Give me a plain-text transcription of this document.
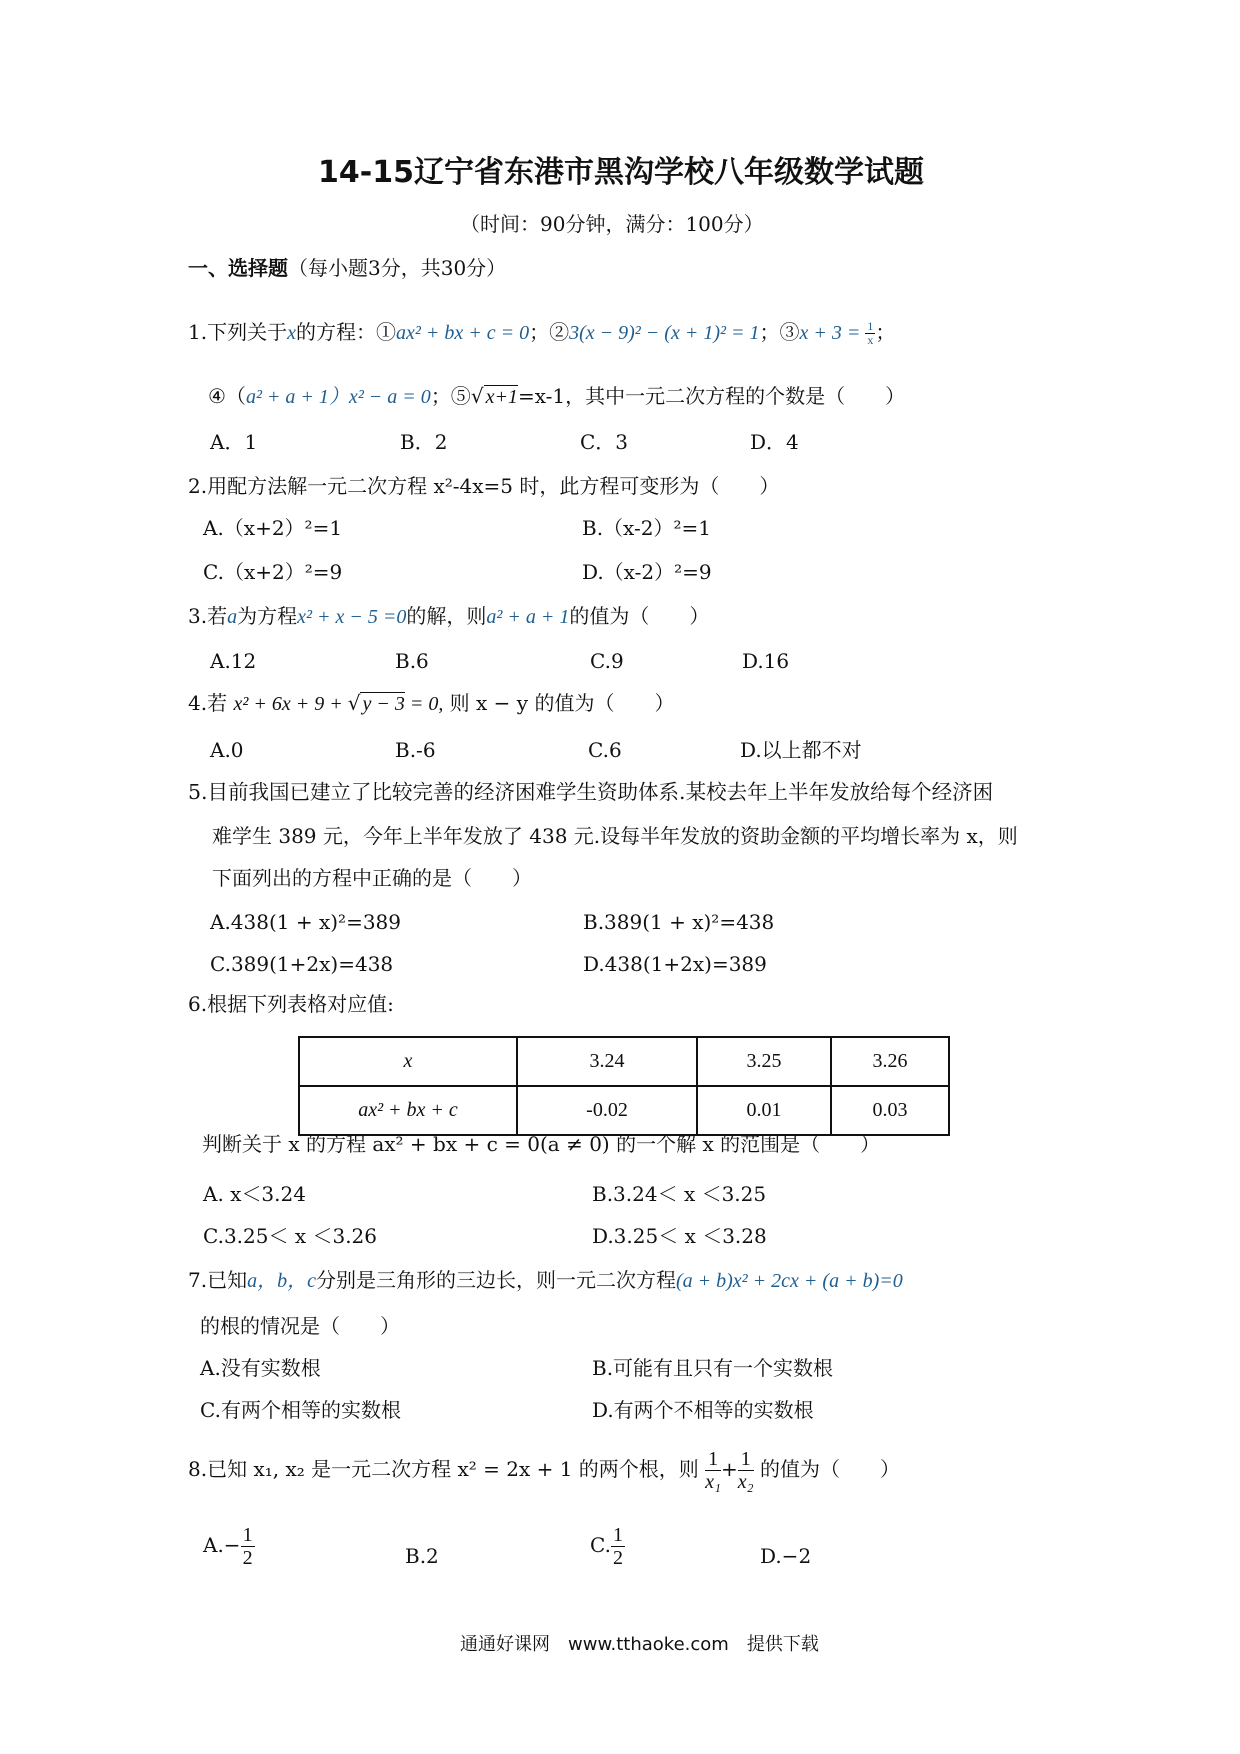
14-15辽宁省东港市黑沟学校八年级数学试题
（时间：90分钟，满分：100分）
一、选择题（每小题3分，共30分）
1.下列关于x的方程：①ax² + bx + c = 0；②3(x − 9)² − (x + 1)² = 1；③x + $3 = \frac{1}{x}$ ；
④（a² + a + 1）x² − a = 0；⑤√ x+1=x-1，其中一元二次方程的个数是（　　）
A．1	B．2	C．3	D．4
2.用配方法解一元二次方程 x²-4x=5 时，此方程可变形为（　　）
A.（x+2）²=1	B.（x-2）²=1
C.（x+2）²=9	D.（x-2）²=9
3.若a为方程x² + x − 5 =0的解，则a² + a + 1的值为（　　）
A.12	B.6	C.9	D.16
4.若 x² + 6x + 9 + √ y − 3 = 0, 则 x − y 的值为（　　）
A.0	B.-6	C.6	D.以上都不对
5.目前我国已建立了比较完善的经济困难学生资助体系.某校去年上半年发放给每个经济困
难学生 389 元，今年上半年发放了 438 元.设每半年发放的资助金额的平均增长率为 x，则
下面列出的方程中正确的是（　　）
A.438(1 + x)²=389	B.389(1 + x)²=438
C.389(1+2x)=438	D.438(1+2x)=389
6.根据下列表格对应值:
x	3.24	3.25	3.26
ax² + bx + c	-0.02	0.01	0.03
判断关于 x 的方程 ax² + bx + c = 0(a ≠ 0) 的一个解 x 的范围是（　　）
A. x＜3.24	B.3.24＜ x ＜3.25
C.3.25＜ x ＜3.26	D.3.25＜ x ＜3.28
7.已知a，b，c分别是三角形的三边长，则一元二次方程(a + b)x² + 2cx + (a + b)=0
的根的情况是（　　）
A.没有实数根	B.可能有且只有一个实数根
C.有两个相等的实数根	D.有两个不相等的实数根
8.已知 x₁, x₂ 是一元二次方程 x² = 2x + 1 的两个根，则 $\frac{1}{\text{x₁}} + \frac{1}{\text{x₂}}$ 的值为（　　）
$A.- \frac{1}{2}$	B.2	C. $\frac{1}{2}$	D.−2
通通好课网　www.tthaoke.com　提供下载
